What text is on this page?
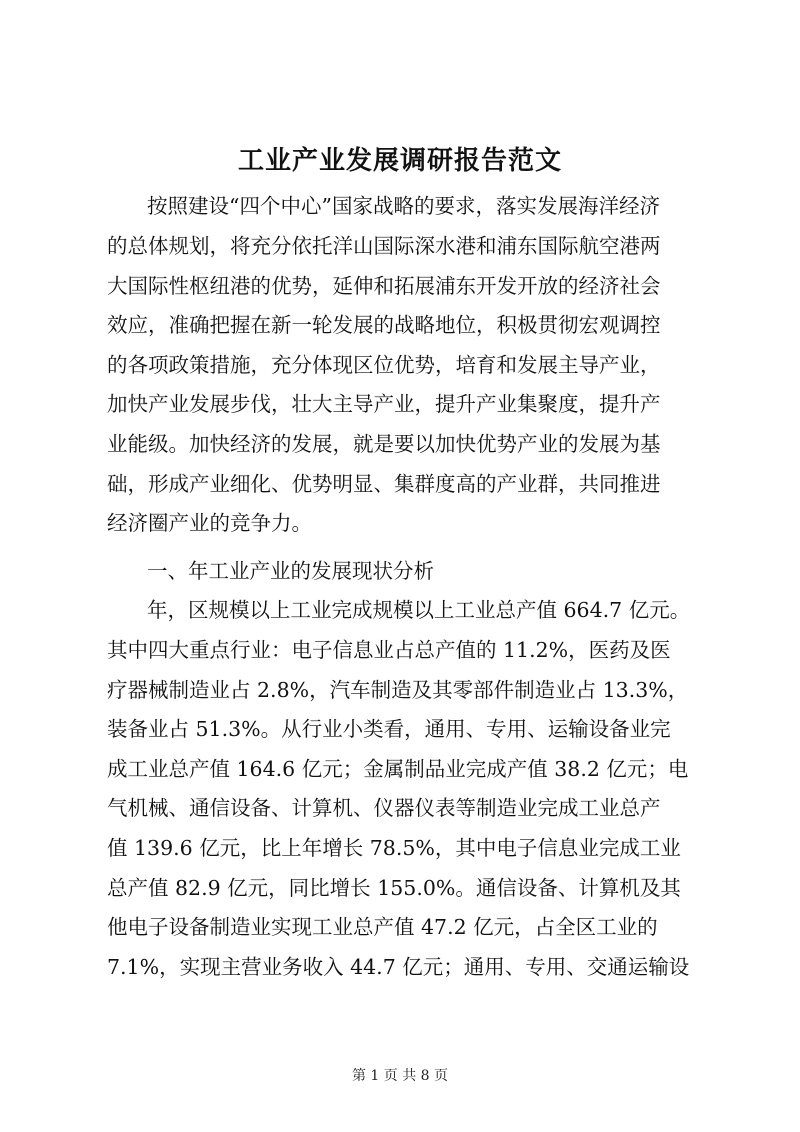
工业产业发展调研报告范文

按照建设“四个中心”国家战略的要求，落实发展海洋经济

的总体规划，将充分依托洋山国际深水港和浦东国际航空港两

大国际性枢纽港的优势，延伸和拓展浦东开发开放的经济社会

效应，准确把握在新一轮发展的战略地位，积极贯彻宏观调控

的各项政策措施，充分体现区位优势，培育和发展主导产业，

加快产业发展步伐，壮大主导产业，提升产业集聚度，提升产

业能级。加快经济的发展，就是要以加快优势产业的发展为基

础，形成产业细化、优势明显、集群度高的产业群，共同推进

经济圈产业的竞争力。

一、年工业产业的发展现状分析

年，区规模以上工业完成规模以上工业总产值 664.7 亿元。

其中四大重点行业：电子信息业占总产值的 11.2%，医药及医

疗器械制造业占 2.8%，汽车制造及其零部件制造业占 13.3%，

装备业占 51.3%。从行业小类看，通用、专用、运输设备业完

成工业总产值 164.6 亿元；金属制品业完成产值 38.2 亿元；电

气机械、通信设备、计算机、仪器仪表等制造业完成工业总产

值 139.6 亿元，比上年增长 78.5%，其中电子信息业完成工业

总产值 82.9 亿元，同比增长 155.0%。通信设备、计算机及其

他电子设备制造业实现工业总产值 47.2 亿元，占全区工业的

7.1%，实现主营业务收入 44.7 亿元；通用、专用、交通运输设

第 1 页 共 8 页
